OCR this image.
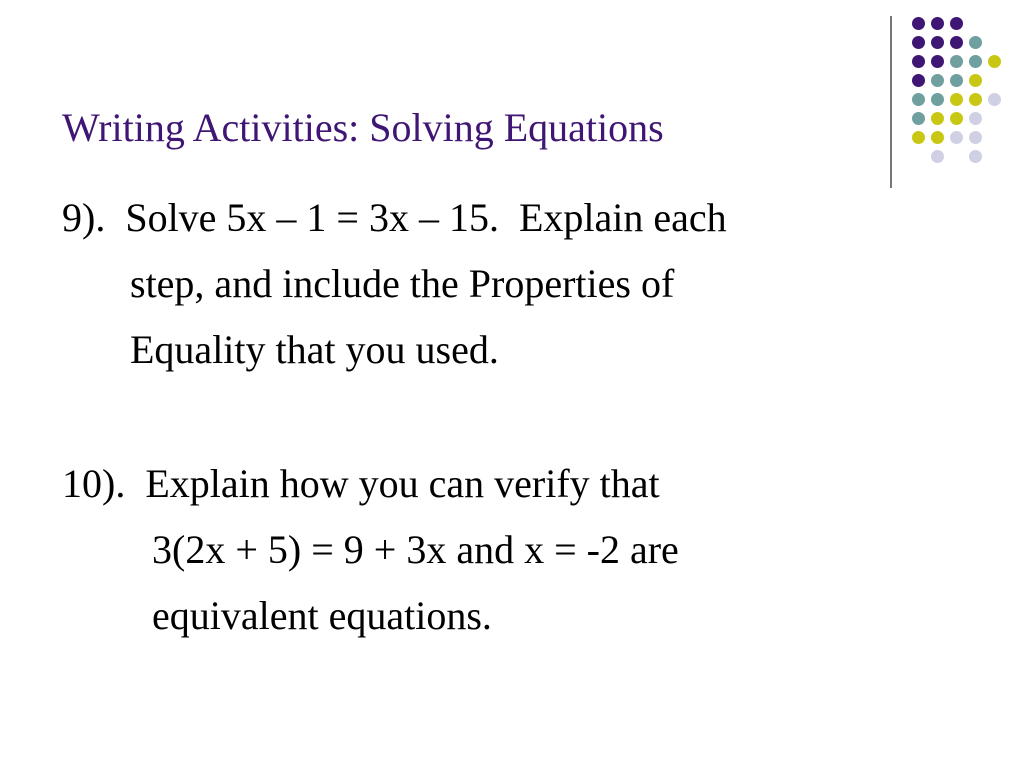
Writing Activities: Solving Equations
9).  Solve 5x – 1 = 3x – 15.  Explain each
step, and include the Properties of
Equality that you used.
10).  Explain how you can verify that
3(2x + 5) = 9 + 3x and x = -2 are
equivalent equations.
